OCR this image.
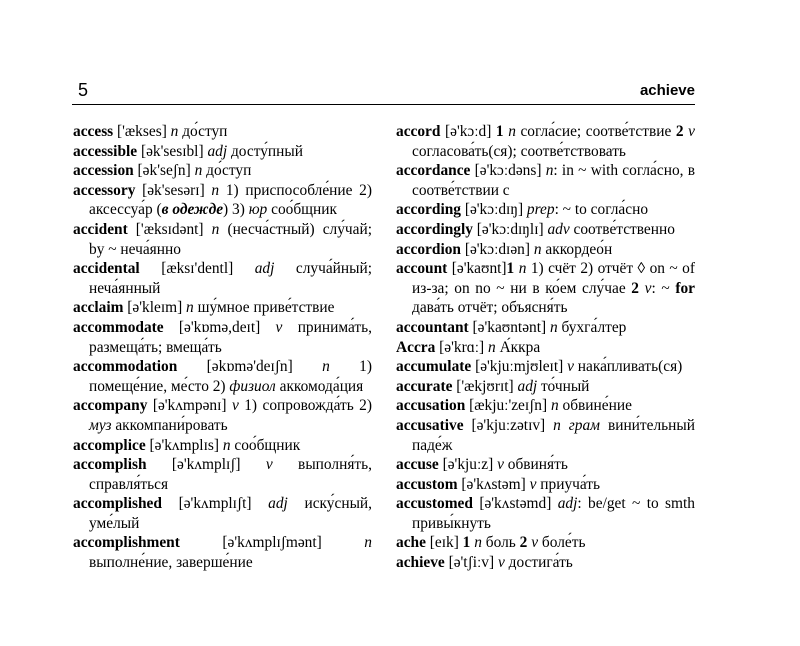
5	achieve
access ['ækses] n до́ступ
accessible [ək'sesɪbl] adj досту́пный
accession [ək'seʃn] n до́ступ
accessory [ək'sesərɪ] n 1) приспособле́ние 2) аксессуа́р (в одежде) 3) юр соо́бщник
accident ['æksɪdənt] n (несча́стный) слу́чай; by ~ неча́янно
accidental [æksɪ'dentl] adj случа́йный; неча́янный
acclaim [ə'kleɪm] n шу́мное приве́тствие
accommodate [ə'kɒmə,deɪt] v принима́ть, размеща́ть; вмеща́ть
accommodation [əkɒmə'deɪʃn] n 1) помеще́ние, ме́сто 2) физиол аккомода́ция
accompany [ə'kʌmpənɪ] v 1) сопровожда́ть 2) муз аккомпани́ровать
accomplice [ə'kʌmplɪs] n соо́бщник
accomplish [ə'kʌmplɪʃ] v выполня́ть, справля́ться
accomplished [ə'kʌmplɪʃt] adj иску́сный, уме́лый
accomplishment [ə'kʌmplɪʃmənt] n выполне́ние, заверше́ние
accord [ə'kɔːd] 1 n согла́сие; соотве́тствие 2 v согласова́ть(ся); соотве́тствовать
accordance [ə'kɔːdəns] n: in ~ with согла́сно, в соотве́тствии с
according [ə'kɔːdɪŋ] prep: ~ to согла́сно
accordingly [ə'kɔːdɪŋlɪ] adv соотве́тственно
accordion [ə'kɔːdɪən] n аккордео́н
account [ə'kaʊnt]1 n 1) счёт 2) отчёт ◊ on ~ of из-за; on no ~ ни в ко́ем слу́чае 2 v: ~ for дава́ть отчёт; объясня́ть
accountant [ə'kaʊntənt] n бухга́лтер
Accra [ə'krɑː] n А́ккра
accumulate [ə'kjuːmjʊleɪt] v нака́пливать(ся)
accurate ['ækjʊrɪt] adj то́чный
accusation [ækjuː'zeɪʃn] n обвине́ние
accusative [ə'kjuːzətɪv] n грам вини́тельный паде́ж
accuse [ə'kjuːz] v обвиня́ть
accustom [ə'kʌstəm] v приуча́ть
accustomed [ə'kʌstəmd] adj: be/get ~ to smth привы́кнуть
ache [eɪk] 1 n боль 2 v боле́ть
achieve [ə'tʃiːv] v достига́ть
